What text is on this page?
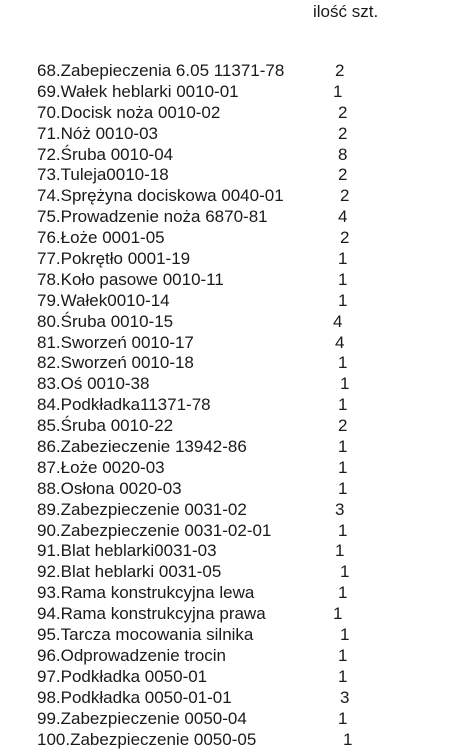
ilość szt.
68.Zabepieczenia 6.05 11371-78	2
69.Wałek heblarki 0010-01	1
70.Docisk noża 0010-02	2
71.Nóż 0010-03	2
72.Śruba 0010-04	8
73.Tuleja0010-18	2
74.Sprężyna dociskowa 0040-01	2
75.Prowadzenie noża 6870-81	4
76.Łoże 0001-05	2
77.Pokrętło 0001-19	1
78.Koło pasowe 0010-11	1
79.Wałek0010-14	1
80.Śruba 0010-15	4
81.Sworzeń 0010-17	4
82.Sworzeń 0010-18	1
83.Oś 0010-38	1
84.Podkładka11371-78	1
85.Śruba 0010-22	2
86.Zabezieczenie 13942-86	1
87.Łoże 0020-03	1
88.Osłona 0020-03	1
89.Zabezpieczenie 0031-02	3
90.Zabezpieczenie 0031-02-01	1
91.Blat heblarki0031-03	1
92.Blat heblarki 0031-05	1
93.Rama konstrukcyjna lewa	1
94.Rama konstrukcyjna prawa	1
95.Tarcza mocowania silnika	1
96.Odprowadzenie trocin	1
97.Podkładka 0050-01	1
98.Podkładka 0050-01-01	3
99.Zabezpieczenie 0050-04	1
100.Zabezpieczenie 0050-05	1
